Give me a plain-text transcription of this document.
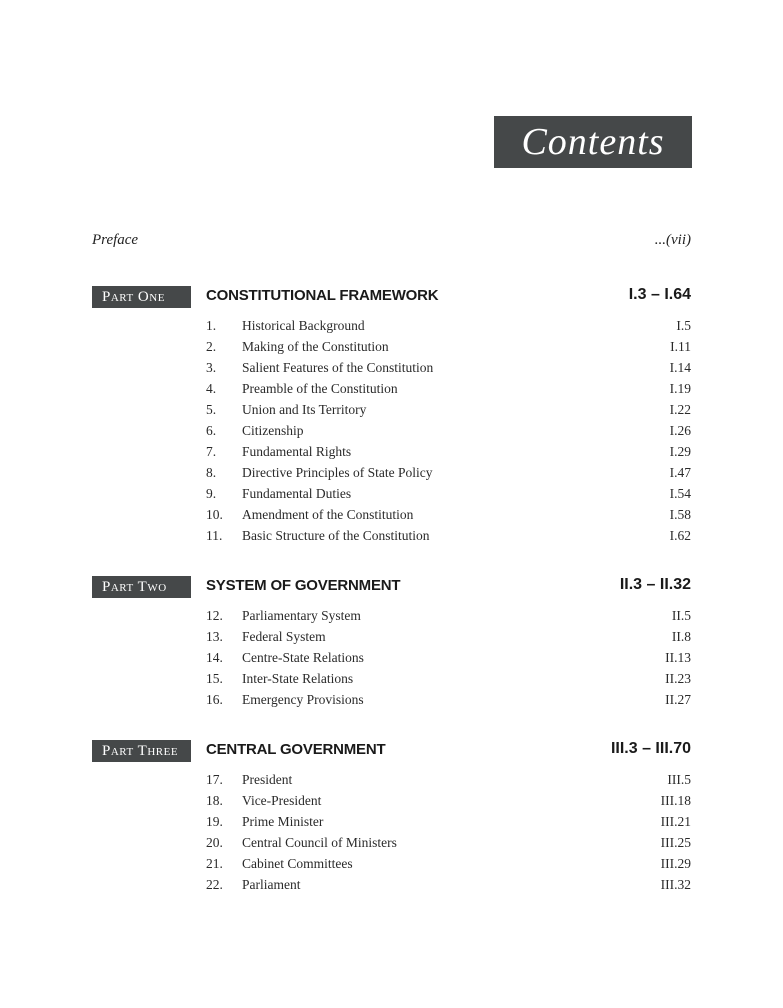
Contents
Preface	...(vii)
Part One	CONSTITUTIONAL FRAMEWORK	I.3 – I.64
1. Historical Background	I.5
2. Making of the Constitution	I.11
3. Salient Features of the Constitution	I.14
4. Preamble of the Constitution	I.19
5. Union and Its Territory	I.22
6. Citizenship	I.26
7. Fundamental Rights	I.29
8. Directive Principles of State Policy	I.47
9. Fundamental Duties	I.54
10. Amendment of the Constitution	I.58
11. Basic Structure of the Constitution	I.62
Part Two	SYSTEM OF GOVERNMENT	II.3 – II.32
12. Parliamentary System	II.5
13. Federal System	II.8
14. Centre-State Relations	II.13
15. Inter-State Relations	II.23
16. Emergency Provisions	II.27
Part Three	CENTRAL GOVERNMENT	III.3 – III.70
17. President	III.5
18. Vice-President	III.18
19. Prime Minister	III.21
20. Central Council of Ministers	III.25
21. Cabinet Committees	III.29
22. Parliament	III.32
